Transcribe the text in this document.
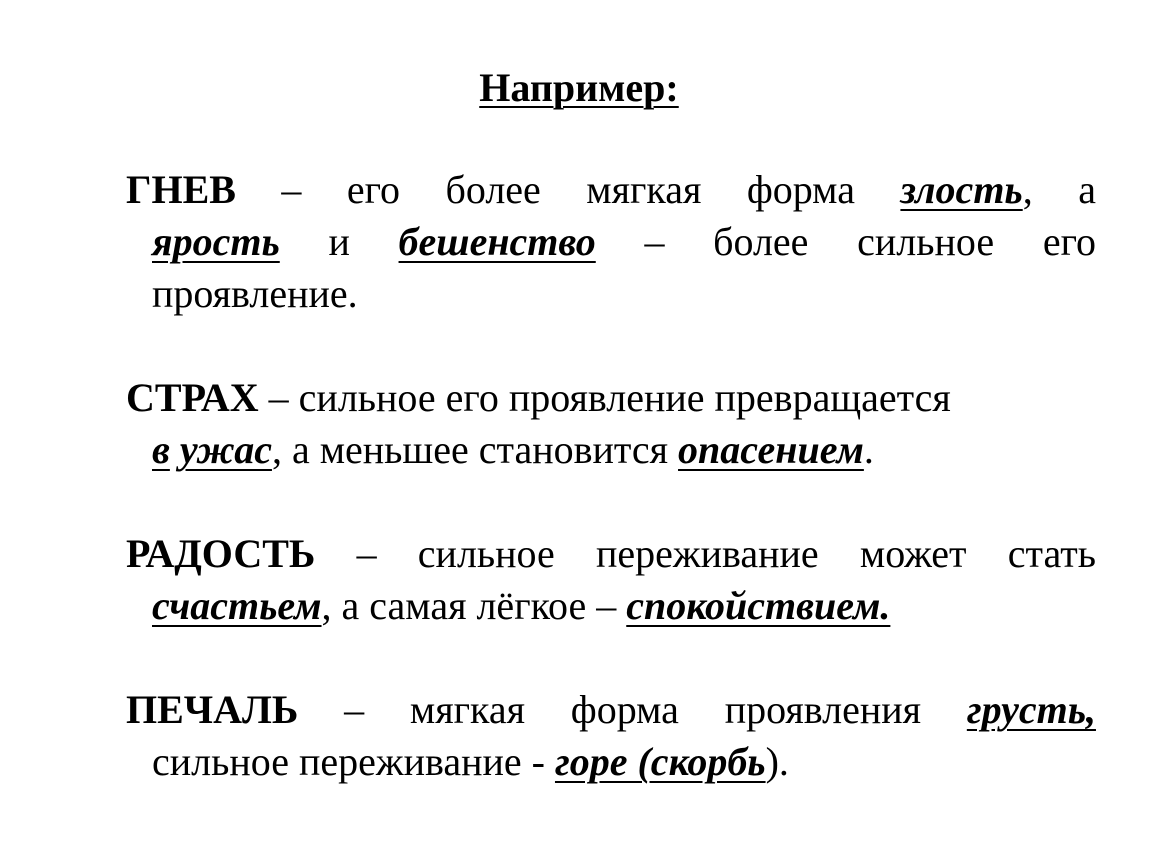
Например:
ГНЕВ – его более мягкая форма злость, а
ярость и бешенство – более сильное его
проявление.
СТРАХ – сильное его проявление превращается
в ужас, а меньшее становится опасением.
РАДОСТЬ – сильное переживание может стать
счастьем, а самая лёгкое – спокойствием.
ПЕЧАЛЬ – мягкая форма проявления грусть,
сильное переживание - горе (скорбь).
